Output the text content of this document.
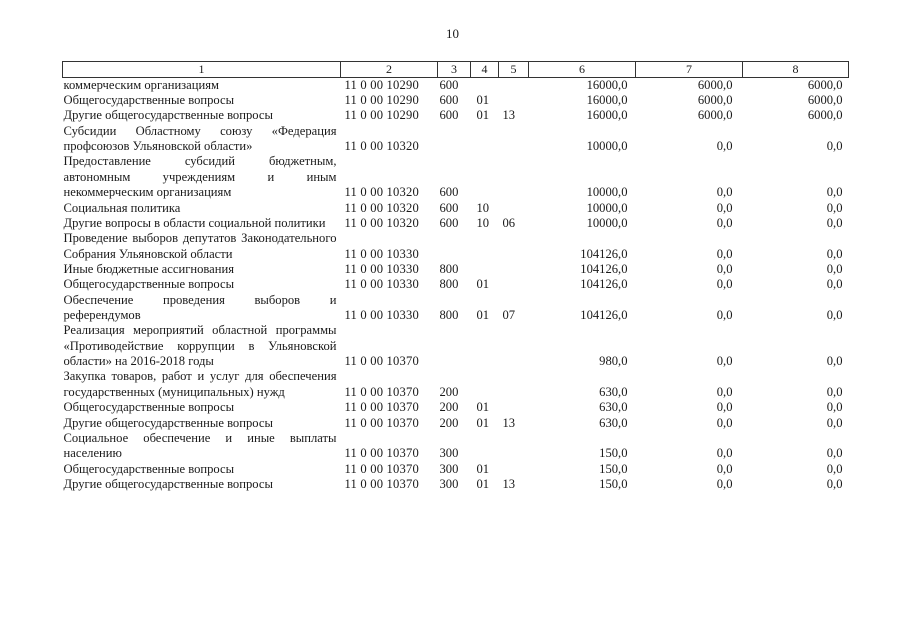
10
1	2	3	4	5	6	7	8
коммерческим организациям	11 0 00 10290	600			16000,0	6000,0	6000,0
Общегосударственные вопросы	11 0 00 10290	600	01		16000,0	6000,0	6000,0
Другие общегосударственные вопросы	11 0 00 10290	600	01	13	16000,0	6000,0	6000,0
Субсидии Областному союзу «Федерация профсоюзов Ульяновской области»	11 0 00 10320				10000,0	0,0	0,0
Предоставление субсидий бюджетным, автономным учреждениям и иным некоммерческим организациям	11 0 00 10320	600			10000,0	0,0	0,0
Социальная политика	11 0 00 10320	600	10		10000,0	0,0	0,0
Другие вопросы в области социальной политики	11 0 00 10320	600	10	06	10000,0	0,0	0,0
Проведение выборов депутатов Законодательного Собрания Ульяновской области	11 0 00 10330				104126,0	0,0	0,0
Иные бюджетные ассигнования	11 0 00 10330	800			104126,0	0,0	0,0
Общегосударственные вопросы	11 0 00 10330	800	01		104126,0	0,0	0,0
Обеспечение проведения выборов и референдумов	11 0 00 10330	800	01	07	104126,0	0,0	0,0
Реализация мероприятий областной программы «Противодействие коррупции в Ульяновской области» на 2016-2018 годы	11 0 00 10370				980,0	0,0	0,0
Закупка товаров, работ и услуг для обеспечения государственных (муниципальных) нужд	11 0 00 10370	200			630,0	0,0	0,0
Общегосударственные вопросы	11 0 00 10370	200	01		630,0	0,0	0,0
Другие общегосударственные вопросы	11 0 00 10370	200	01	13	630,0	0,0	0,0
Социальное обеспечение и иные выплаты населению	11 0 00 10370	300			150,0	0,0	0,0
Общегосударственные вопросы	11 0 00 10370	300	01		150,0	0,0	0,0
Другие общегосударственные вопросы	11 0 00 10370	300	01	13	150,0	0,0	0,0
